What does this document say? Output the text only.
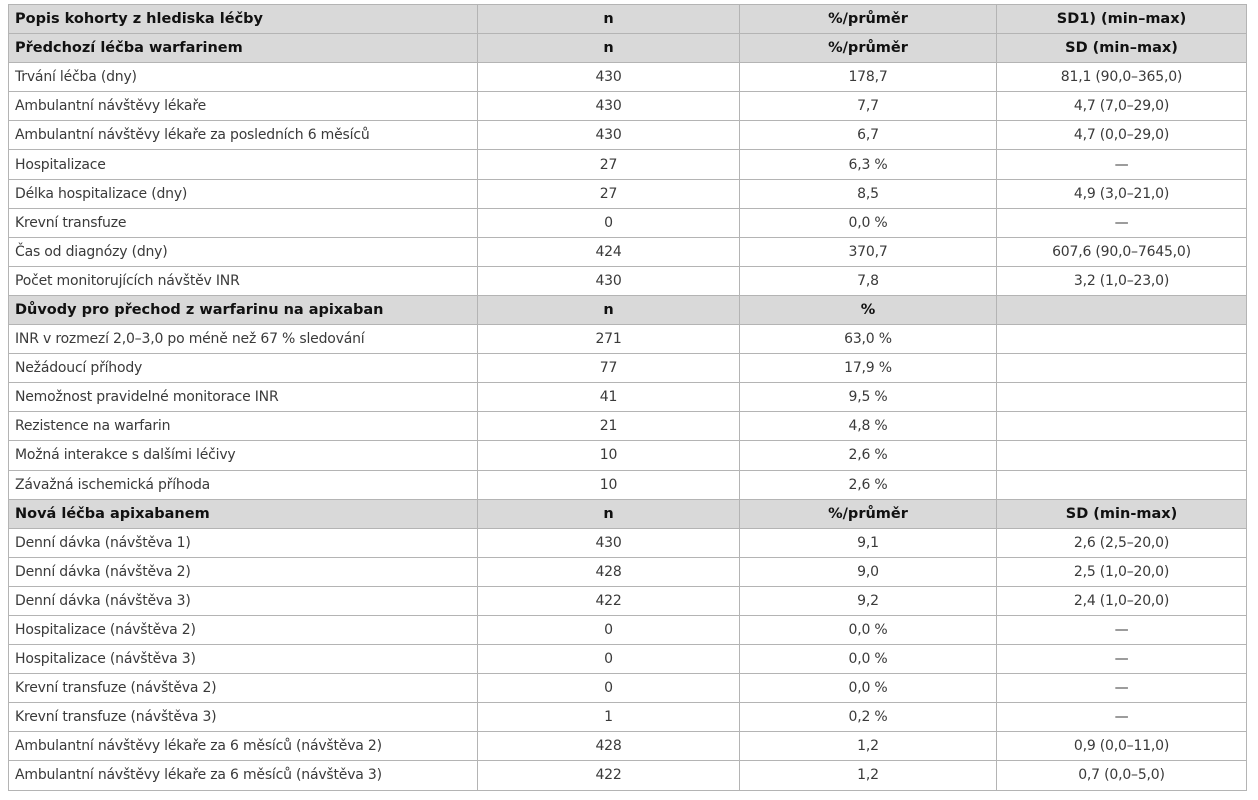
Popis kohorty z hlediska léčby	n	%/průměr	SD1) (min–max)
Předchozí léčba warfarinem	n	%/průměr	SD (min–max)
Trvání léčba (dny)	430	178,7	81,1 (90,0–365,0)
Ambulantní návštěvy lékaře	430	7,7	4,7 (7,0–29,0)
Ambulantní návštěvy lékaře za posledních 6 měsíců	430	6,7	4,7 (0,0–29,0)
Hospitalizace	27	6,3 %	—
Délka hospitalizace (dny)	27	8,5	4,9 (3,0–21,0)
Krevní transfuze	0	0,0 %	—
Čas od diagnózy (dny)	424	370,7	607,6 (90,0–7645,0)
Počet monitorujících návštěv INR	430	7,8	3,2 (1,0–23,0)
Důvody pro přechod z warfarinu na apixaban	n	%	
INR v rozmezí 2,0–3,0 po méně než 67 % sledování	271	63,0 %	
Nežádoucí příhody	77	17,9 %	
Nemožnost pravidelné monitorace INR	41	9,5 %	
Rezistence na warfarin	21	4,8 %	
Možná interakce s dalšími léčivy	10	2,6 %	
Závažná ischemická příhoda	10	2,6 %	
Nová léčba apixabanem	n	%/průměr	SD (min-max)
Denní dávka (návštěva 1)	430	9,1	2,6 (2,5–20,0)
Denní dávka (návštěva 2)	428	9,0	2,5 (1,0–20,0)
Denní dávka (návštěva 3)	422	9,2	2,4 (1,0–20,0)
Hospitalizace (návštěva 2)	0	0,0 %	—
Hospitalizace (návštěva 3)	0	0,0 %	—
Krevní transfuze (návštěva 2)	0	0,0 %	—
Krevní transfuze (návštěva 3)	1	0,2 %	—
Ambulantní návštěvy lékaře za 6 měsíců (návštěva 2)	428	1,2	0,9 (0,0–11,0)
Ambulantní návštěvy lékaře za 6 měsíců (návštěva 3)	422	1,2	0,7 (0,0–5,0)
